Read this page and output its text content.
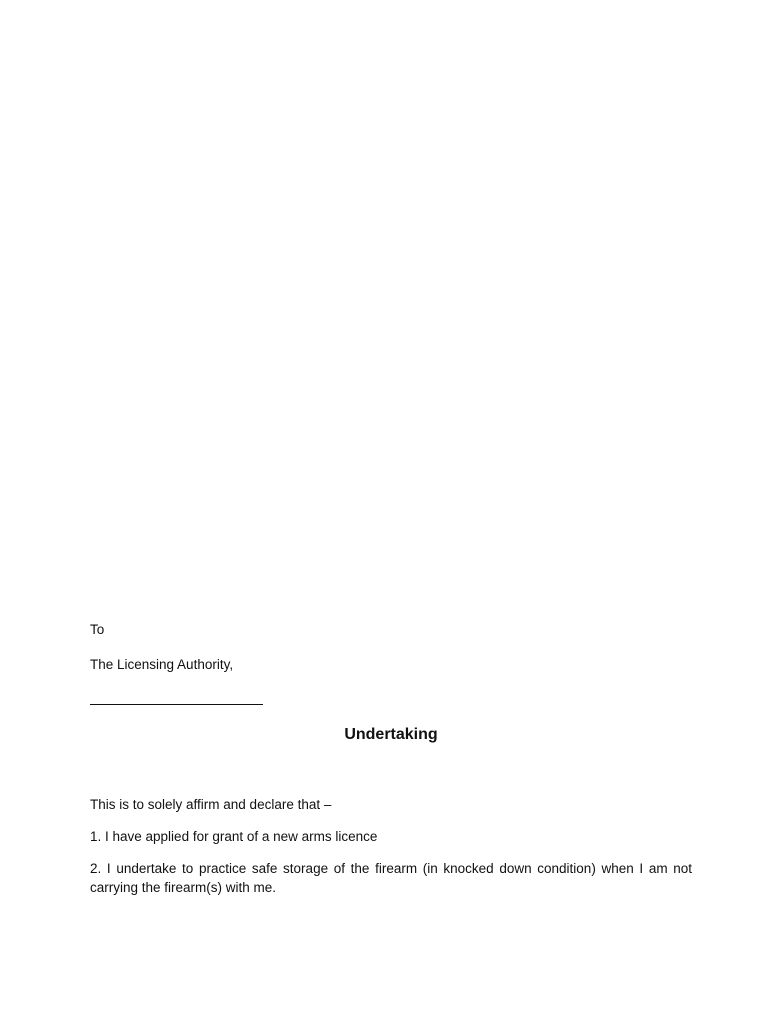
To

The Licensing Authority,

Undertaking

This is to solely affirm and declare that –

1. I have applied for grant of a new arms licence

2. I undertake to practice safe storage of the firearm (in knocked down condition) when I am not carrying the firearm(s) with me.
